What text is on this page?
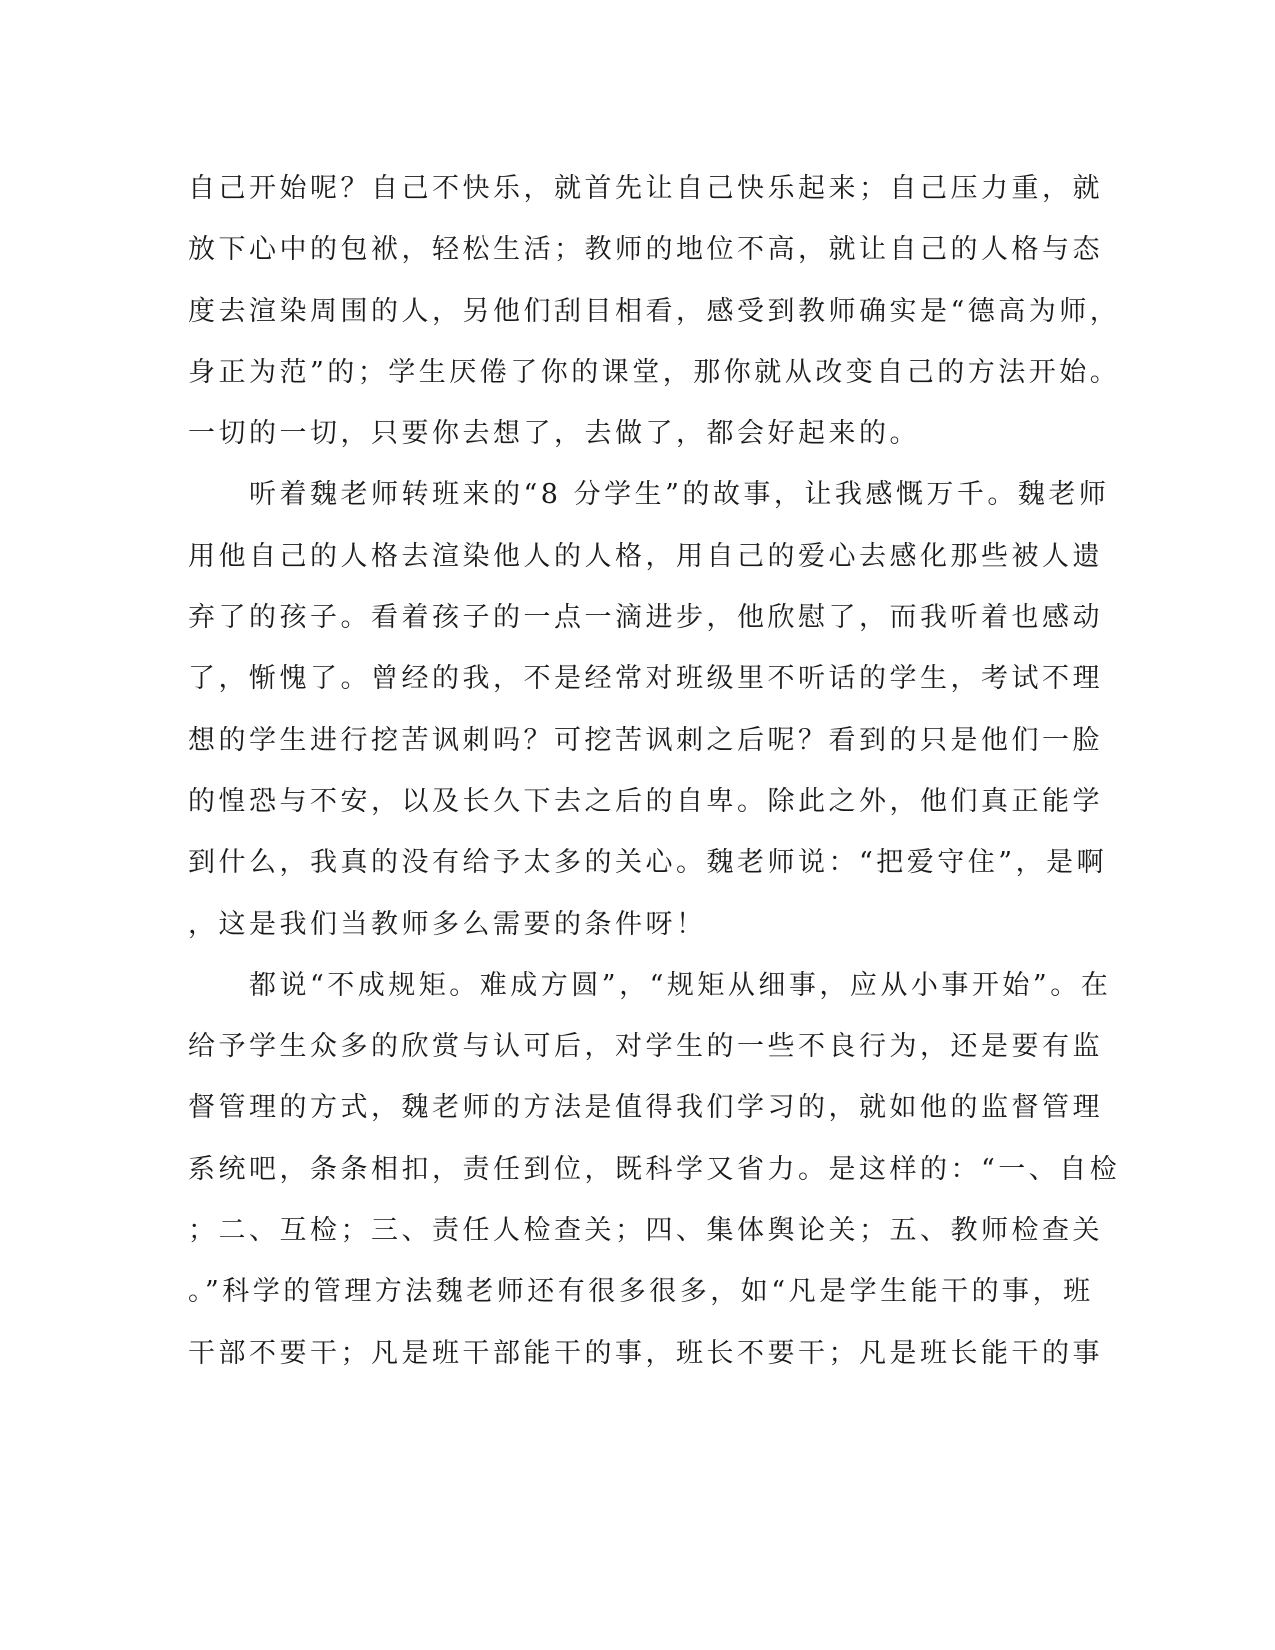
自己开始呢？自己不快乐，就首先让自己快乐起来；自己压力重，就
放下心中的包袱，轻松生活；教师的地位不高，就让自己的人格与态
度去渲染周围的人，另他们刮目相看，感受到教师确实是“德高为师，
身正为范”的；学生厌倦了你的课堂，那你就从改变自己的方法开始。
一切的一切，只要你去想了，去做了，都会好起来的。
　　听着魏老师转班来的“8 分学生”的故事，让我感慨万千。魏老师
用他自己的人格去渲染他人的人格，用自己的爱心去感化那些被人遗
弃了的孩子。看着孩子的一点一滴进步，他欣慰了，而我听着也感动
了，惭愧了。曾经的我，不是经常对班级里不听话的学生，考试不理
想的学生进行挖苦讽刺吗？可挖苦讽刺之后呢？看到的只是他们一脸
的惶恐与不安，以及长久下去之后的自卑。除此之外，他们真正能学
到什么，我真的没有给予太多的关心。魏老师说：“把爱守住”，是啊
，这是我们当教师多么需要的条件呀！
　　都说“不成规矩。难成方圆”，“规矩从细事，应从小事开始”。在
给予学生众多的欣赏与认可后，对学生的一些不良行为，还是要有监
督管理的方式，魏老师的方法是值得我们学习的，就如他的监督管理
系统吧，条条相扣，责任到位，既科学又省力。是这样的：“一、自检
；二、互检；三、责任人检查关；四、集体舆论关；五、教师检查关
。”科学的管理方法魏老师还有很多很多，如“凡是学生能干的事，班
干部不要干；凡是班干部能干的事，班长不要干；凡是班长能干的事
